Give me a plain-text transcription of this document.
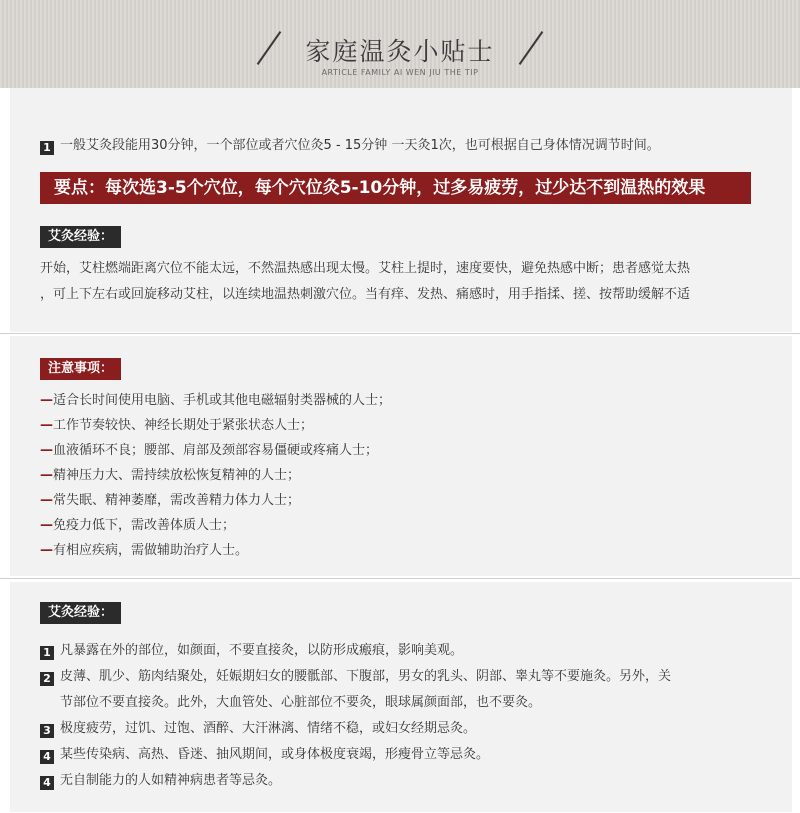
家庭温灸小贴士
ARTICLE FAMILY AI WEN JIU THE TIP
1 一般艾灸段能用30分钟，一个部位或者穴位灸5 - 15分钟 一天灸1次，也可根据自己身体情况调节时间。
要点：每次选3-5个穴位，每个穴位灸5-10分钟，过多易疲劳，过少达不到温热的效果
艾灸经验：
开始，艾柱燃端距离穴位不能太远，不然温热感出现太慢。艾柱上提时，速度要快，避免热感中断；患者感觉太热
，可上下左右或回旋移动艾柱，以连续地温热刺激穴位。当有痒、发热、痛感时，用手指揉、搓、按帮助缓解不适
注意事项：
—适合长时间使用电脑、手机或其他电磁辐射类器械的人士；
—工作节奏较快、神经长期处于紧张状态人士；
—血液循环不良；腰部、肩部及颈部容易僵硬或疼痛人士；
—精神压力大、需持续放松恢复精神的人士；
—常失眠、精神萎靡，需改善精力体力人士；
—免疫力低下，需改善体质人士；
—有相应疾病，需做辅助治疗人士。
艾灸经验：
1 凡暴露在外的部位，如颜面，不要直接灸，以防形成瘢痕，影响美观。
2 皮薄、肌少、筋肉结聚处，妊娠期妇女的腰骶部、下腹部，男女的乳头、阴部、睾丸等不要施灸。另外，关
节部位不要直接灸。此外，大血管处、心脏部位不要灸，眼球属颜面部，也不要灸。
3 极度疲劳，过饥、过饱、酒醉、大汗淋漓、情绪不稳，或妇女经期忌灸。
4 某些传染病、高热、昏迷、抽风期间，或身体极度衰竭，形瘦骨立等忌灸。
4 无自制能力的人如精神病患者等忌灸。
